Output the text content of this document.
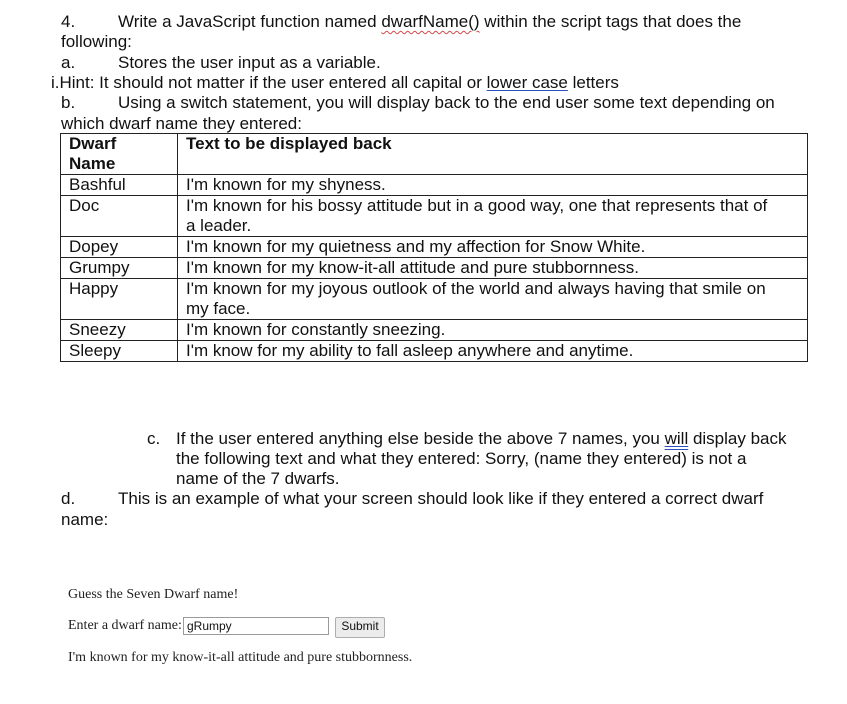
4.	Write a JavaScript function named dwarfName() within the script tags that does the
following:
a.	Stores the user input as a variable.
i.Hint: It should not matter if the user entered all capital or lower case letters
b.	Using a switch statement, you will display back to the end user some text depending on
which dwarf name they entered:
Dwarf
Name	Text to be displayed back
Bashful	I'm known for my shyness.
Doc	I'm known for his bossy attitude but in a good way, one that represents that of
a leader.
Dopey	I'm known for my quietness and my affection for Snow White.
Grumpy	I'm known for my know-it-all attitude and pure stubbornness.
Happy	I'm known for my joyous outlook of the world and always having that smile on
my face.
Sneezy	I'm known for constantly sneezing.
Sleepy	I'm know for my ability to fall asleep anywhere and anytime.
c. If the user entered anything else beside the above 7 names, you will display back
the following text and what they entered: Sorry, (name they entered) is not a
name of the 7 dwarfs.
d.	This is an example of what your screen should look like if they entered a correct dwarf
name:
Guess the Seven Dwarf name!
Enter a dwarf name: gRumpy	Submit
I'm known for my know-it-all attitude and pure stubbornness.
